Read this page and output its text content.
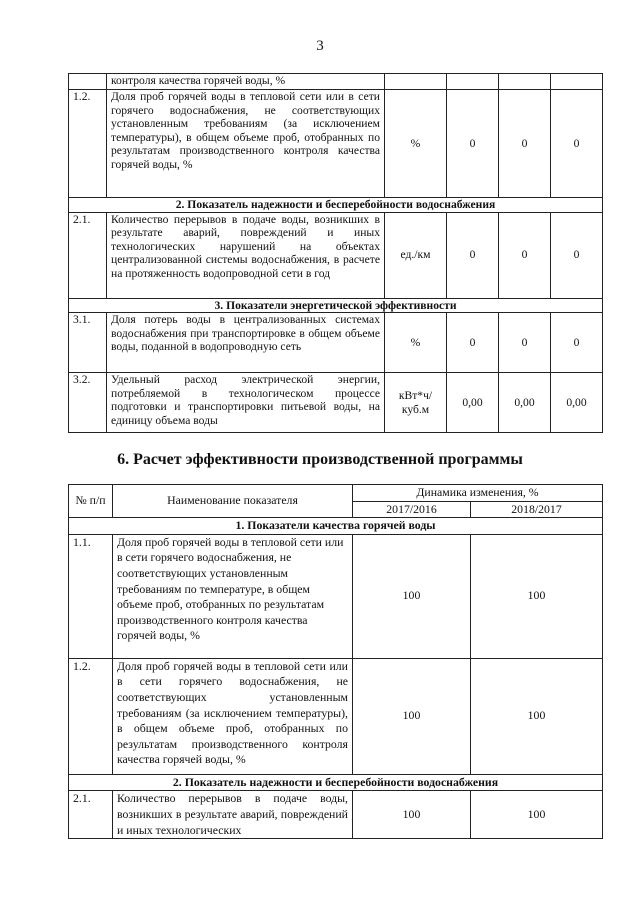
3
	контроля качества горячей воды, %				
1.2.	Доля проб горячей воды в тепловой сети или в сети горячего водоснабжения, не соответствующих установленным требованиям (за исключением температуры), в общем объеме проб, отобранных по результатам производственного контроля качества горячей воды, %	%	0	0	0
2. Показатель надежности и бесперебойности водоснабжения					
2.1.	Количество перерывов в подаче воды, возникших в результате аварий, повреждений и иных технологических нарушений на объектах централизованной системы водоснабжения, в расчете на протяженность водопроводной сети в год	ед./км	0	0	0
3. Показатели энергетической эффективности					
3.1.	Доля потерь воды в централизованных системах водоснабжения при транспортировке в общем объеме воды, поданной в водопроводную сеть	%	0	0	0
3.2.	Удельный расход электрической энергии, потребляемой в технологическом процессе подготовки и транспортировки питьевой воды, на единицу объема воды	кВт*ч/ куб.м	0,00	0,00	0,00
6. Расчет эффективности производственной программы
№ п/п	Наименование показателя	Динамика изменения, %	
		2017/2016	2018/2017
1. Показатели качества горячей воды			
1.1.	Доля проб горячей воды в тепловой сети или в сети горячего водоснабжения, не соответствующих установленным требованиям по температуре, в общем объеме проб, отобранных по результатам производственного контроля качества горячей воды, %	100	100
1.2.	Доля проб горячей воды в тепловой сети или в сети горячего водоснабжения, не соответствующих установленным требованиям (за исключением температуры), в общем объеме проб, отобранных по результатам производственного контроля качества горячей воды, %	100	100
2. Показатель надежности и бесперебойности водоснабжения			
2.1.	Количество перерывов в подаче воды, возникших в результате аварий, повреждений и иных технологических	100	100
